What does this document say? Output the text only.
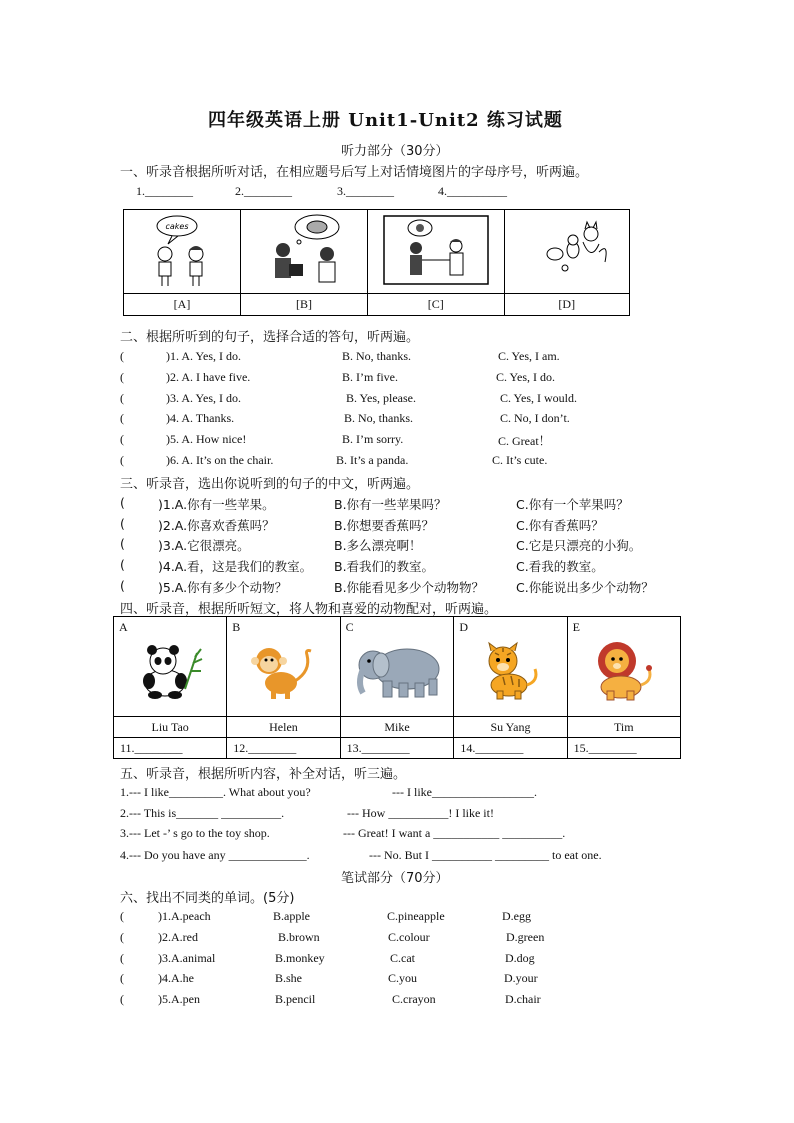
四年级英语上册 Unit1-Unit2 练习试题
听力部分（30分）
一、听录音根据所听对话，在相应题号后写上对话情境图片的字母序号，听两遍。
1.________	2.________	3.________	4.__________
cakes

[A]	[B]	[C]	[D]
二、根据所听到的句子，选择合适的答句，听两遍。
(	)1. A. Yes, I do.	B. No, thanks.	C. Yes, I am.
(	)2. A. I have five.	B. I’m five.	C. Yes, I do.
(	)3. A. Yes, I do.	B. Yes, please.	C. Yes, I would.
(	)4. A. Thanks.	B. No, thanks.	C. No, I don’t.
(	)5. A. How nice!	B. I’m sorry.	C. Great！
(	)6. A. It’s on the chair.	B. It’s a panda.	C. It’s cute.
三、听录音，选出你说听到的句子的中文，听两遍。
(	)1.A.你有一些苹果。	B.你有一些苹果吗？	C.你有一个苹果吗？
(	)2.A.你喜欢香蕉吗？	B.你想要香蕉吗？	C.你有香蕉吗？
(	)3.A.它很漂亮。	B.多么漂亮啊！	C.它是只漂亮的小狗。
(	)4.A.看，这是我们的教室。 B.看我们的教室。	C.看我的教室。
(	)5.A.你有多少个动物？	B.你能看见多少个动物物？	C.你能说出多少个动物？
四、听录音，根据所听短文，将人物和喜爱的动物配对，听两遍。
A	B	C	D	E

Liu Tao	Helen	Mike	Su Yang	Tim
11.________	12.________	13.________	14.________	15.________
五、听录音，根据所听内容，补全对话，听三遍。
1.--- I like_________. What about you?	--- I like_________________.
2.--- This is_______ __________.	--- How __________! I like it!
3.--- Let -’ s go to the toy shop.	--- Great! I want a ___________ __________.
4.--- Do you have any _____________.	--- No. But I __________ _________ to eat one.
笔试部分（70分）
六、找出不同类的单词。(5分)
(	)1.A.peach	B.apple	C.pineapple	D.egg
(	)2.A.red	B.brown	C.colour	D.green
(	)3.A.animal	B.monkey	C.cat	D.dog
(	)4.A.he	B.she	C.you	D.your
(	)5.A.pen	B.pencil	C.crayon	D.chair
